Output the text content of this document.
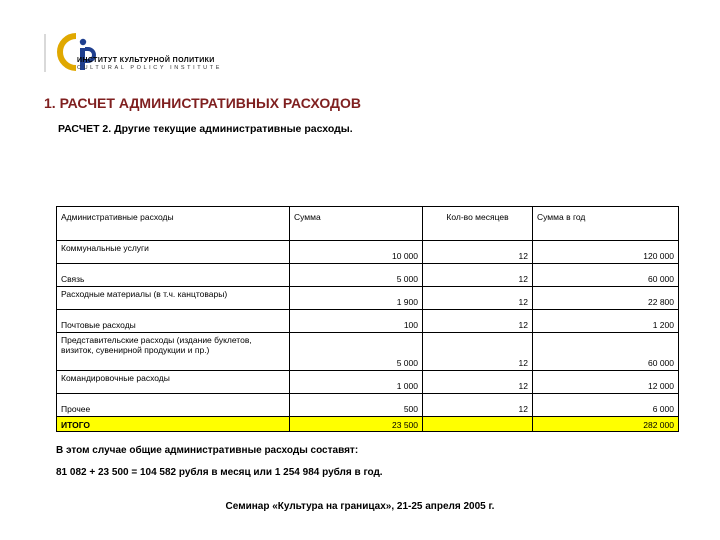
ИНСТИТУТ КУЛЬТУРНОЙ ПОЛИТИКИ
CULTURAL POLICY INSTITUTE
1. РАСЧЕТ АДМИНИСТРАТИВНЫХ РАСХОДОВ
РАСЧЕТ 2. Другие текущие административные расходы.
Административные расходы	Сумма	Кол-во месяцев	Сумма в год
Коммунальные услуги	10 000	12	120 000
Связь	5 000	12	60 000
Расходные материалы (в т.ч. канцтовары)	1 900	12	22 800
Почтовые расходы	100	12	1 200
Представительские расходы (издание буклетов, визиток, сувенирной продукции и пр.)	5 000	12	60 000
Командировочные расходы	1 000	12	12 000
Прочее	500	12	6 000
ИТОГО	23 500		282 000
В этом случае общие административные расходы составят:
81 082 + 23 500 = 104 582 рубля в месяц или 1 254 984 рубля в год.
Семинар «Культура на границах», 21-25 апреля 2005 г.
